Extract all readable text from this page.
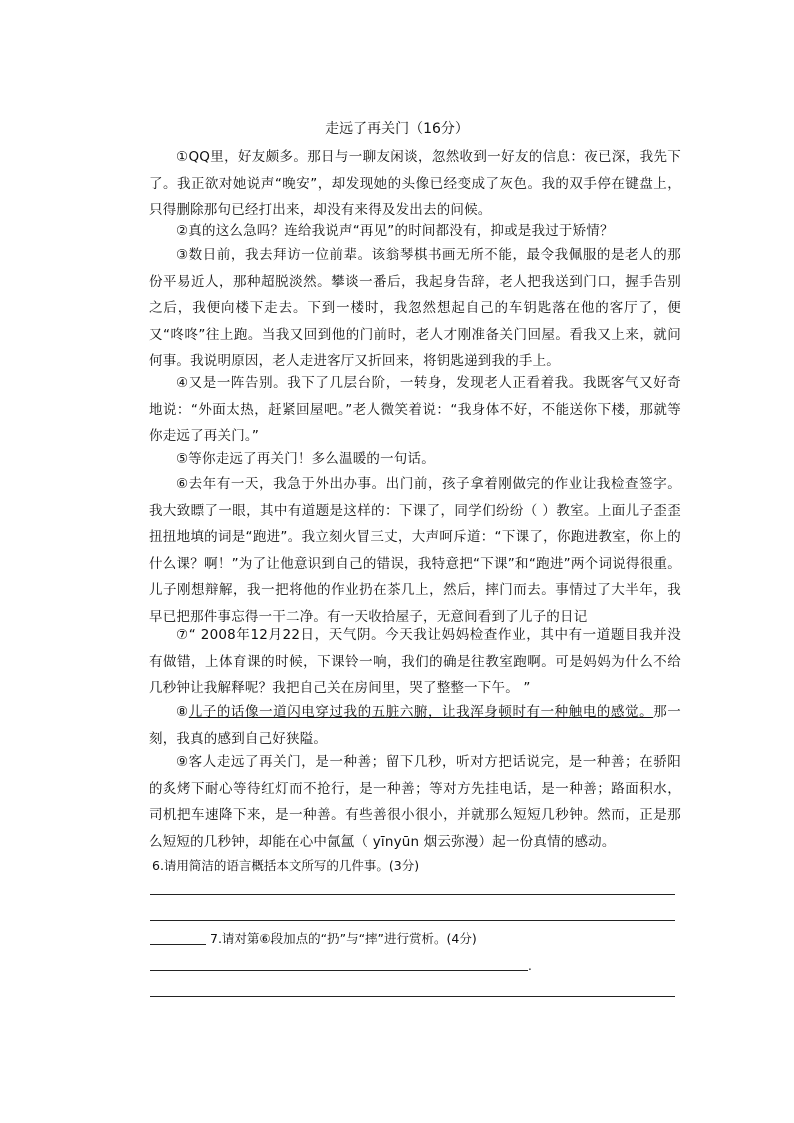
走远了再关门（16分）
①QQ里，好友颇多。那日与一聊友闲谈，忽然收到一好友的信息：夜已深，我先下了。我正欲对她说声“晚安”，却发现她的头像已经变成了灰色。我的双手停在键盘上，只得删除那句已经打出来，却没有来得及发出去的问候。
②真的这么急吗？连给我说声“再见”的时间都没有，抑或是我过于矫情？
③数日前，我去拜访一位前辈。该翁琴棋书画无所不能，最令我佩服的是老人的那份平易近人，那种超脱淡然。攀谈一番后，我起身告辞，老人把我送到门口，握手告别之后，我便向楼下走去。下到一楼时，我忽然想起自己的车钥匙落在他的客厅了，便又“咚咚”往上跑。当我又回到他的门前时，老人才刚准备关门回屋。看我又上来，就问何事。我说明原因，老人走进客厅又折回来，将钥匙递到我的手上。
④又是一阵告别。我下了几层台阶，一转身，发现老人正看着我。我既客气又好奇地说：“外面太热，赶紧回屋吧。”老人微笑着说：“我身体不好，不能送你下楼，那就等你走远了再关门。”
⑤等你走远了再关门！多么温暖的一句话。
⑥去年有一天，我急于外出办事。出门前，孩子拿着刚做完的作业让我检查签字。我大致瞟了一眼，其中有道题是这样的：下课了，同学们纷纷（ ）教室。上面儿子歪歪扭扭地填的词是“跑进”。我立刻火冒三丈，大声呵斥道：“下课了，你跑进教室，你上的什么课？啊！”为了让他意识到自己的错误，我特意把“下课”和“跑进”两个词说得很重。儿子刚想辩解，我一把将他的作业扔在茶几上，然后，摔门而去。事情过了大半年，我早已把那件事忘得一干二净。有一天收拾屋子，无意间看到了儿子的日记
⑦“ 2008年12月22日，天气阴。今天我让妈妈检查作业，其中有一道题目我并没有做错，上体育课的时候，下课铃一响，我们的确是往教室跑啊。可是妈妈为什么不给几秒钟让我解释呢？我把自己关在房间里，哭了整整一下午。 ”
⑧儿子的话像一道闪电穿过我的五脏六腑，让我浑身顿时有一种触电的感觉。那一刻，我真的感到自己好狭隘。
⑨客人走远了再关门，是一种善；留下几秒，听对方把话说完，是一种善；在骄阳的炙烤下耐心等待红灯而不抢行，是一种善；等对方先挂电话，是一种善；路面积水，司机把车速降下来，是一种善。有些善很小很小，并就那么短短几秒钟。然而，正是那么短短的几秒钟，却能在心中氤氲（ yīnyūn 烟云弥漫）起一份真情的感动。
6.请用简洁的语言概括本文所写的几件事。(3分)
7.请对第⑥段加点的“扔”与“摔”进行赏析。(4分)
.
